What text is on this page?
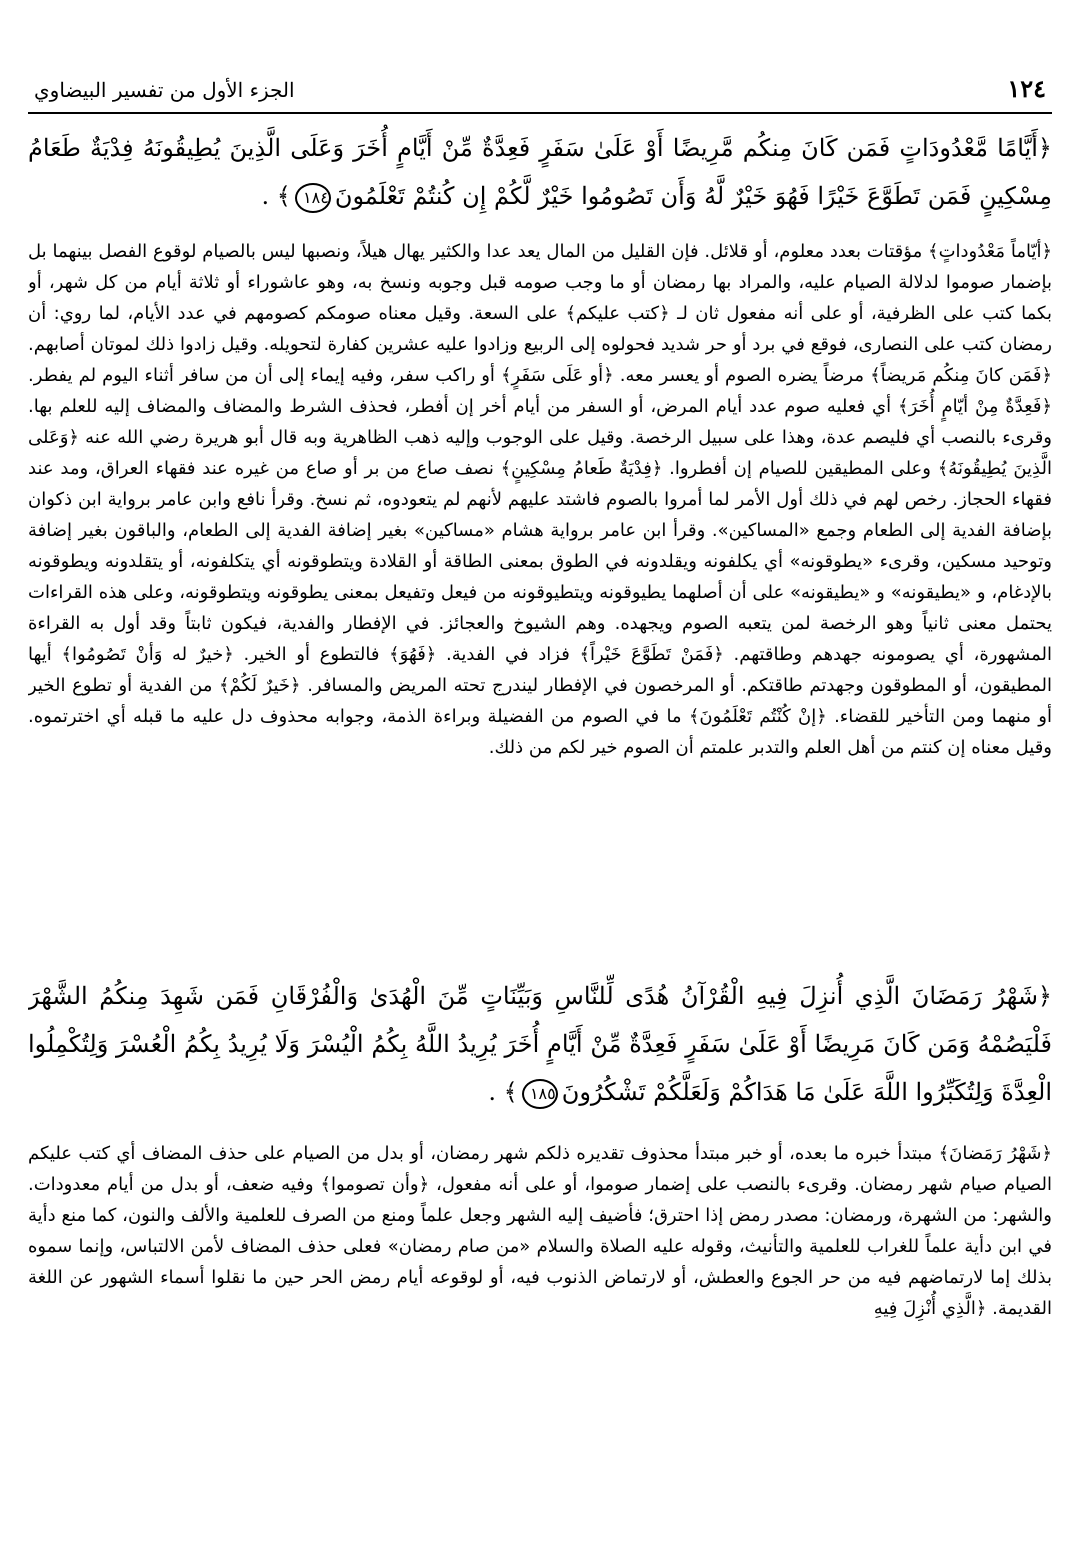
١٢٤
الجزء الأول من تفسير البيضاوي

﴿أَيَّامًا مَّعْدُودَاتٍ فَمَن كَانَ مِنكُم مَّرِيضًا أَوْ عَلَىٰ سَفَرٍ فَعِدَّةٌ مِّنْ أَيَّامٍ أُخَرَ وَعَلَى الَّذِينَ يُطِيقُونَهُ فِدْيَةٌ طَعَامُ مِسْكِينٍ فَمَن تَطَوَّعَ خَيْرًا فَهُوَ خَيْرٌ لَّهُ وَأَن تَصُومُوا خَيْرٌ لَّكُمْ إِن كُنتُمْ تَعْلَمُونَ١٨٤﴾ .

﴿أيّاماً مَعْدُوداتٍ﴾ مؤقتات بعدد معلوم، أو قلائل. فإن القليل من المال يعد عدا والكثير يهال هيلاً، ونصبها ليس بالصيام لوقوع الفصل بينهما بل بإضمار صوموا لدلالة الصيام عليه، والمراد بها رمضان أو ما وجب صومه قبل وجوبه ونسخ به، وهو عاشوراء أو ثلاثة أيام من كل شهر، أو بكما كتب على الظرفية، أو على أنه مفعول ثان لـ ﴿كتب عليكم﴾ على السعة. وقيل معناه صومكم كصومهم في عدد الأيام، لما روي: أن رمضان كتب على النصارى، فوقع في برد أو حر شديد فحولوه إلى الربيع وزادوا عليه عشرين كفارة لتحويله. وقيل زادوا ذلك لموتان أصابهم. ﴿فَمَن كانَ مِنكُم مَريضاً﴾ مرضاً يضره الصوم أو يعسر معه. ﴿أو عَلَى سَفَرٍ﴾ أو راكب سفر، وفيه إيماء إلى أن من سافر أثناء اليوم لم يفطر. ﴿فَعِدَّةٌ مِنْ أيّامٍ أُخَرَ﴾ أي فعليه صوم عدد أيام المرض، أو السفر من أيام أخر إن أفطر، فحذف الشرط والمضاف والمضاف إليه للعلم بها. وقرىء بالنصب أي فليصم عدة، وهذا على سبيل الرخصة. وقيل على الوجوب وإليه ذهب الظاهرية وبه قال أبو هريرة رضي الله عنه ﴿وَعَلى الَّذِينَ يُطِيقُونَهُ﴾ وعلى المطيقين للصيام إن أفطروا. ﴿فِدْيَةٌ طَعامُ مِسْكِينٍ﴾ نصف صاع من بر أو صاع من غيره عند فقهاء العراق، ومد عند فقهاء الحجاز. رخص لهم في ذلك أول الأمر لما أمروا بالصوم فاشتد عليهم لأنهم لم يتعودوه، ثم نسخ. وقرأ نافع وابن عامر برواية ابن ذكوان بإضافة الفدية إلى الطعام وجمع «المساكين». وقرأ ابن عامر برواية هشام «مساكين» بغير إضافة الفدية إلى الطعام، والباقون بغير إضافة وتوحيد مسكين، وقرىء «يطوقونه» أي يكلفونه ويقلدونه في الطوق بمعنى الطاقة أو القلادة ويتطوقونه أي يتكلفونه، أو يتقلدونه ويطوقونه بالإدغام، و «يطيقونه» و «يطيقونه» على أن أصلهما يطيوقونه ويتطيوقونه من فيعل وتفيعل بمعنى يطوقونه ويتطوقونه، وعلى هذه القراءات يحتمل معنى ثانياً وهو الرخصة لمن يتعبه الصوم ويجهده. وهم الشيوخ والعجائز. في الإفطار والفدية، فيكون ثابتاً وقد أول به القراءة المشهورة، أي يصومونه جهدهم وطاقتهم. ﴿فَمَنْ تَطَوَّعَ خَيْراً﴾ فزاد في الفدية. ﴿فَهُوَ﴾ فالتطوع أو الخير. ﴿خيرٌ له وَأنْ تَصُومُوا﴾ أيها المطيقون، أو المطوقون وجهدتم طاقتكم. أو المرخصون في الإفطار ليندرج تحته المريض والمسافر. ﴿خَيرٌ لَكُمْ﴾ من الفدية أو تطوع الخير أو منهما ومن التأخير للقضاء. ﴿إنْ كُنْتُم تَعْلَمُونَ﴾ ما في الصوم من الفضيلة وبراءة الذمة، وجوابه محذوف دل عليه ما قبله أي اخترتموه. وقيل معناه إن كنتم من أهل العلم والتدبر علمتم أن الصوم خير لكم من ذلك.

﴿شَهْرُ رَمَضَانَ الَّذِي أُنزِلَ فِيهِ الْقُرْآنُ هُدًى لِّلنَّاسِ وَبَيِّنَاتٍ مِّنَ الْهُدَىٰ وَالْفُرْقَانِ فَمَن شَهِدَ مِنكُمُ الشَّهْرَ فَلْيَصُمْهُ وَمَن كَانَ مَرِيضًا أَوْ عَلَىٰ سَفَرٍ فَعِدَّةٌ مِّنْ أَيَّامٍ أُخَرَ يُرِيدُ اللَّهُ بِكُمُ الْيُسْرَ وَلَا يُرِيدُ بِكُمُ الْعُسْرَ وَلِتُكْمِلُوا الْعِدَّةَ وَلِتُكَبِّرُوا اللَّهَ عَلَىٰ مَا هَدَاكُمْ وَلَعَلَّكُمْ تَشْكُرُونَ١٨٥﴾ .

﴿شَهْرُ رَمَضانَ﴾ مبتدأ خبره ما بعده، أو خبر مبتدأ محذوف تقديره ذلكم شهر رمضان، أو بدل من الصيام على حذف المضاف أي كتب عليكم الصيام صيام شهر رمضان. وقرىء بالنصب على إضمار صوموا، أو على أنه مفعول، ﴿وأن تصوموا﴾ وفيه ضعف، أو بدل من أيام معدودات. والشهر: من الشهرة، ورمضان: مصدر رمض إذا احترق؛ فأضيف إليه الشهر وجعل علماً ومنع من الصرف للعلمية والألف والنون، كما منع دأية في ابن دأية علماً للغراب للعلمية والتأنيث، وقوله عليه الصلاة والسلام «من صام رمضان» فعلى حذف المضاف لأمن الالتباس، وإنما سموه بذلك إما لارتماضهم فيه من حر الجوع والعطش، أو لارتماض الذنوب فيه، أو لوقوعه أيام رمض الحر حين ما نقلوا أسماء الشهور عن اللغة القديمة. ﴿الَّذِي أُنْزِلَ فِيهِ
